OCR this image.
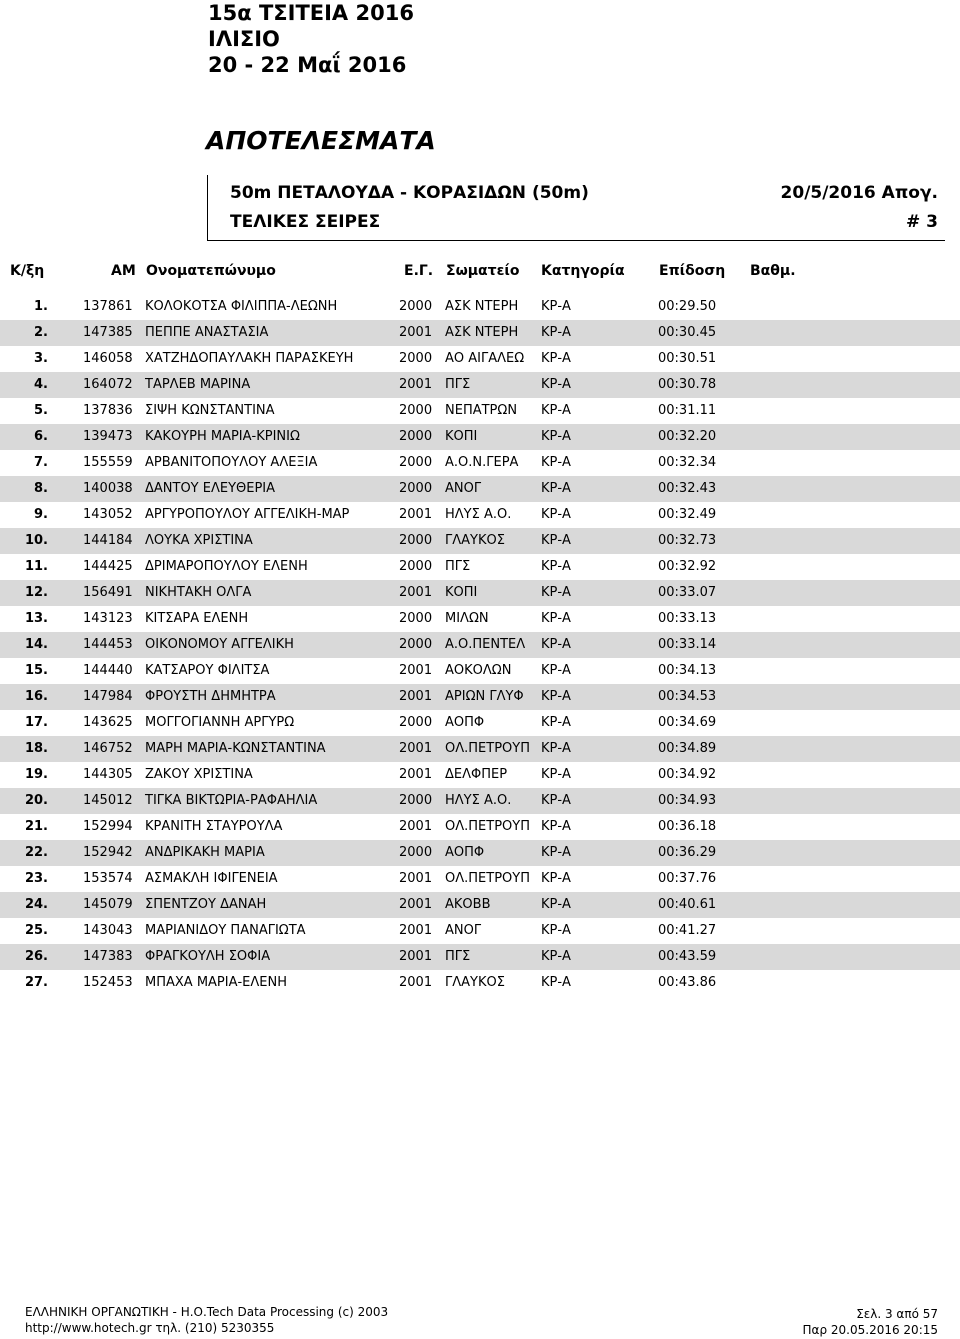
15α ΤΣΙΤΕΙΑ 2016
ΙΛΙΣΙΟ
20 - 22 Μαΐ 2016
ΑΠΟΤΕΛΕΣΜΑΤΑ
50m ΠΕΤΑΛΟΥΔΑ - ΚΟΡΑΣΙΔΩΝ (50m)	20/5/2016 Απογ.
ΤΕΛΙΚΕΣ ΣΕΙΡΕΣ	# 3
Κ/ξη	ΑΜ Ονοματεπώνυμο	Ε.Γ. Σωματείο Κατηγορία Επίδοση Βαθμ.
1.	137861 ΚΟΛΟΚΟΤΣΑ ΦΙΛΙΠΠΑ-ΛΕΩΝΗ	2000 ΑΣΚ ΝΤΕΡΗ ΚΡ-Α	00:29.50
2.	147385 ΠΕΠΠΕ ΑΝΑΣΤΑΣΙΑ	2001 ΑΣΚ ΝΤΕΡΗ ΚΡ-Α	00:30.45
3.	146058 ΧΑΤΖΗΔΟΠΑΥΛΑΚΗ ΠΑΡΑΣΚΕΥΗ	2000 ΑΟ ΑΙΓΑΛΕΩ ΚΡ-Α	00:30.51
4.	164072 ΤΑΡΛΕΒ ΜΑΡΙΝΑ	2001 ΠΓΣ	ΚΡ-Α	00:30.78
5.	137836 ΣΙΨΗ ΚΩΝΣΤΑΝΤΙΝΑ	2000 ΝΕΠΑΤΡΩΝ ΚΡ-Α	00:31.11
6.	139473 ΚΑΚΟΥΡΗ ΜΑΡΙΑ-ΚΡΙΝΙΩ	2000 ΚΟΠΙ	ΚΡ-Α	00:32.20
7.	155559 ΑΡΒΑΝΙΤΟΠΟΥΛΟΥ ΑΛΕΞΙΑ	2000 Α.Ο.Ν.ΓΕΡΑ ΚΡ-Α	00:32.34
8.	140038 ΔΑΝΤΟΥ ΕΛΕΥΘΕΡΙΑ	2000 ΑΝΟΓ	ΚΡ-Α	00:32.43
9.	143052 ΑΡΓΥΡΟΠΟΥΛΟΥ ΑΓΓΕΛΙΚΗ-ΜΑΡ	2001 ΗΛΥΣ Α.Ο. ΚΡ-Α	00:32.49
10.	144184 ΛΟΥΚΑ ΧΡΙΣΤΙΝΑ	2000 ΓΛΑΥΚΟΣ	ΚΡ-Α	00:32.73
11.	144425 ΔΡΙΜΑΡΟΠΟΥΛΟΥ ΕΛΕΝΗ	2000 ΠΓΣ	ΚΡ-Α	00:32.92
12.	156491 ΝΙΚΗΤΑΚΗ ΟΛΓΑ	2001 ΚΟΠΙ	ΚΡ-Α	00:33.07
13.	143123 ΚΙΤΣΑΡΑ ΕΛΕΝΗ	2000 ΜΙΛΩΝ	ΚΡ-Α	00:33.13
14.	144453 ΟΙΚΟΝΟΜΟΥ ΑΓΓΕΛΙΚΗ	2000 Α.Ο.ΠΕΝΤΕΛ ΚΡ-Α	00:33.14
15.	144440 ΚΑΤΣΑΡΟΥ ΦΙΛΙΤΣΑ	2001 ΑΟΚΟΛΩΝ ΚΡ-Α	00:34.13
16.	147984 ΦΡΟΥΣΤΗ ΔΗΜΗΤΡΑ	2001 ΑΡΙΩΝ ΓΛΥΦ ΚΡ-Α	00:34.53
17.	143625 ΜΟΓΓΟΓΙΑΝΝΗ ΑΡΓΥΡΩ	2000 ΑΟΠΦ	ΚΡ-Α	00:34.69
18.	146752 ΜΑΡΗ ΜΑΡΙΑ-ΚΩΝΣΤΑΝΤΙΝΑ	2001 ΟΛ.ΠΕΤΡΟΥΠ ΚΡ-Α	00:34.89
19.	144305 ΖΑΚΟΥ ΧΡΙΣΤΙΝΑ	2001 ΔΕΛΦΠΕΡ	ΚΡ-Α	00:34.92
20.	145012 ΤΙΓΚΑ ΒΙΚΤΩΡΙΑ-ΡΑΦΑΗΛΙΑ	2000 ΗΛΥΣ Α.Ο. ΚΡ-Α	00:34.93
21.	152994 ΚΡΑΝΙΤΗ ΣΤΑΥΡΟΥΛΑ	2001 ΟΛ.ΠΕΤΡΟΥΠ ΚΡ-Α	00:36.18
22.	152942 ΑΝΔΡΙΚΑΚΗ ΜΑΡΙΑ	2000 ΑΟΠΦ	ΚΡ-Α	00:36.29
23.	153574 ΑΣΜΑΚΛΗ ΙΦΙΓΕΝΕΙΑ	2001 ΟΛ.ΠΕΤΡΟΥΠ ΚΡ-Α	00:37.76
24.	145079 ΣΠΕΝΤΖΟΥ ΔΑΝΑΗ	2001 ΑΚΟΒΒ	ΚΡ-Α	00:40.61
25.	143043 ΜΑΡΙΑΝΙΔΟΥ ΠΑΝΑΓΙΩΤΑ	2001 ΑΝΟΓ	ΚΡ-Α	00:41.27
26.	147383 ΦΡΑΓΚΟΥΛΗ ΣΟΦΙΑ	2001 ΠΓΣ	ΚΡ-Α	00:43.59
27.	152453 ΜΠΑΧΑ ΜΑΡΙΑ-ΕΛΕΝΗ	2001 ΓΛΑΥΚΟΣ	ΚΡ-Α	00:43.86
ΕΛΛΗΝΙΚΗ ΟΡΓΑΝΩΤΙΚΗ - Η.Ο.Tech Data Processing (c) 2003
http://www.hotech.gr τηλ. (210) 5230355
Σελ. 3 από 57
Παρ 20.05.2016 20:15
